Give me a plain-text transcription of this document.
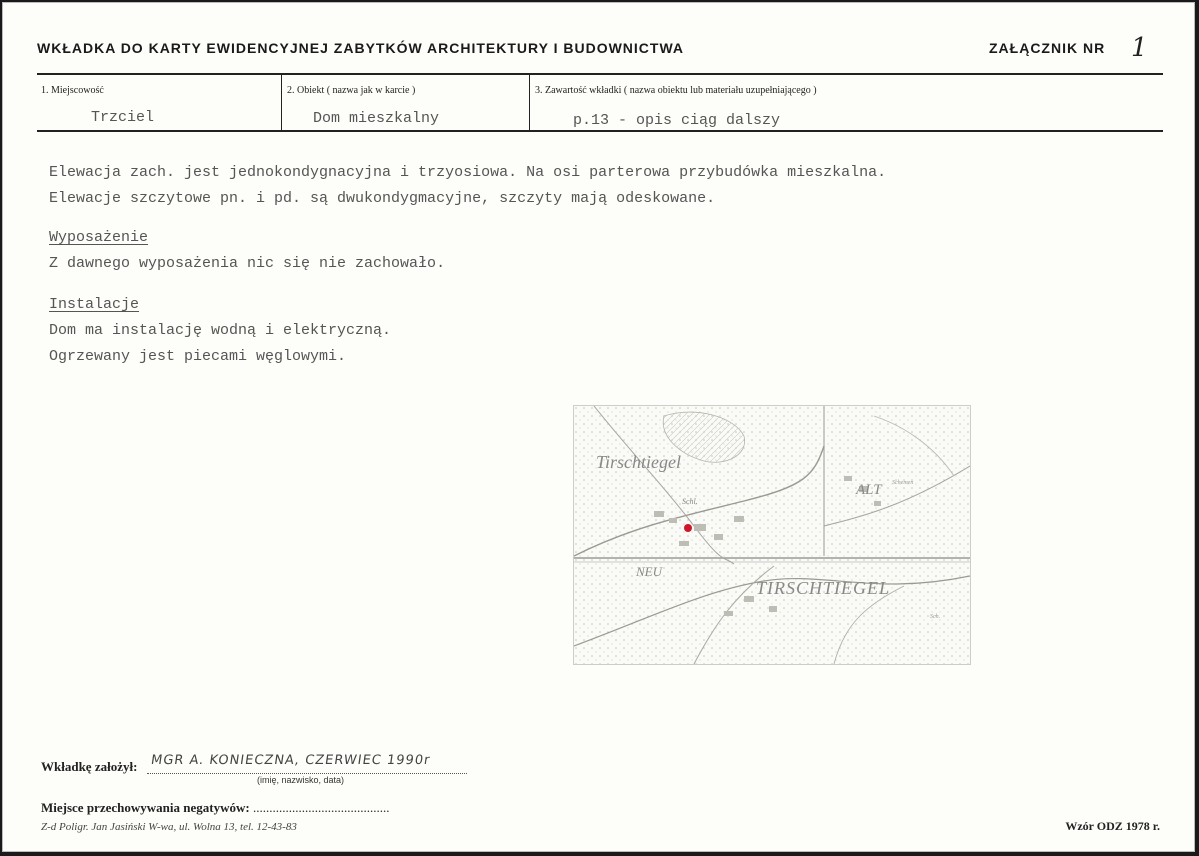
WKŁADKA DO KARTY EWIDENCYJNEJ ZABYTKÓW ARCHITEKTURY I BUDOWNICTWA	ZAŁĄCZNIK NR 1
1. Miejscowość	2. Obiekt ( nazwa jak w karcie )	3. Zawartość wkładki ( nazwa obiektu lub materiału uzupełniającego )
Trzciel	Dom mieszkalny	p.13 - opis ciąg dalszy
Elewacja zach. jest jednokondygnacyjna i trzyosiowa. Na osi parterowa przybudówka mieszkalna.
Elewacje szczytowe pn. i pd. są dwukondygmacyjne, szczyty mają odeskowane.
Wyposażenie
Z dawnego wyposażenia nic się nie zachowało.
Instalacje
Dom ma instalację wodną i elektryczną.
Ogrzewany jest piecami węglowymi.
Tirschtiegel
Schl.
ALT Schemen
NEU
TIRSCHTIEGEL
Sch.
Wkładkę założył: MGR A. KONIECZNA, CZERWIEC 1990r
(imię, nazwisko, data)
Miejsce przechowywania negatywów: ..........................................
Z-d Poligr. Jan Jasiński W-wa, ul. Wolna 13, tel. 12-43-83	Wzór ODZ 1978 r.
